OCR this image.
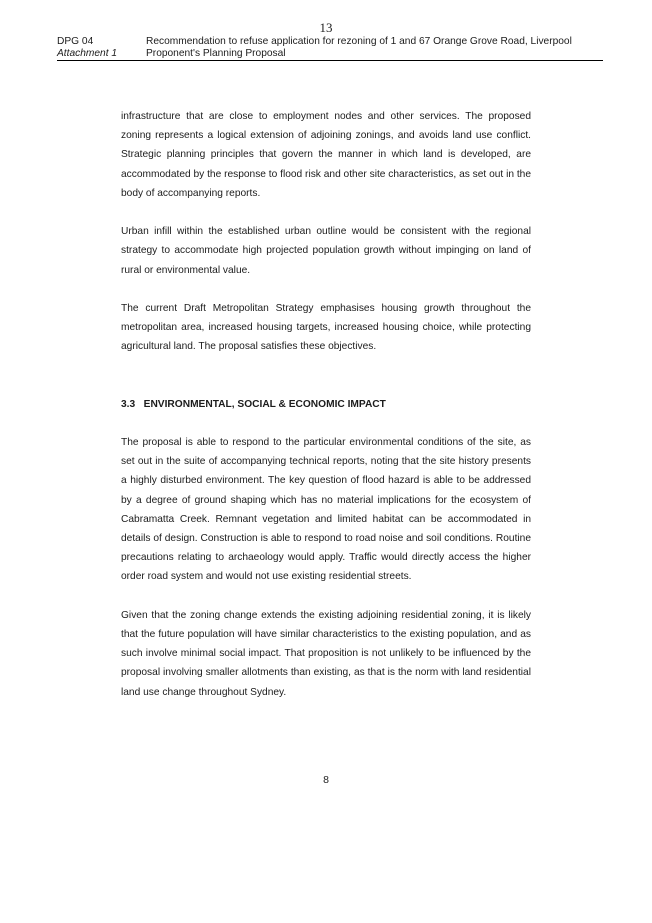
13
DPG 04
Attachment 1
Recommendation to refuse application for rezoning of 1 and 67 Orange Grove Road, Liverpool
Proponent's Planning Proposal

infrastructure that are close to employment nodes and other services. The proposed zoning represents a logical extension of adjoining zonings, and avoids land use conflict. Strategic planning principles that govern the manner in which land is developed, are accommodated by the response to flood risk and other site characteristics, as set out in the body of accompanying reports.

Urban infill within the established urban outline would be consistent with the regional strategy to accommodate high projected population growth without impinging on land of rural or environmental value.

The current Draft Metropolitan Strategy emphasises housing growth throughout the metropolitan area, increased housing targets, increased housing choice, while protecting agricultural land. The proposal satisfies these objectives.

3.3   ENVIRONMENTAL, SOCIAL & ECONOMIC IMPACT

The proposal is able to respond to the particular environmental conditions of the site, as set out in the suite of accompanying technical reports, noting that the site history presents a highly disturbed environment. The key question of flood hazard is able to be addressed by a degree of ground shaping which has no material implications for the ecosystem of Cabramatta Creek. Remnant vegetation and limited habitat can be accommodated in details of design. Construction is able to respond to road noise and soil conditions. Routine precautions relating to archaeology would apply. Traffic would directly access the higher order road system and would not use existing residential streets.

Given that the zoning change extends the existing adjoining residential zoning, it is likely that the future population will have similar characteristics to the existing population, and as such involve minimal social impact. That proposition is not unlikely to be influenced by the proposal involving smaller allotments than existing, as that is the norm with land residential land use change throughout Sydney.

8
